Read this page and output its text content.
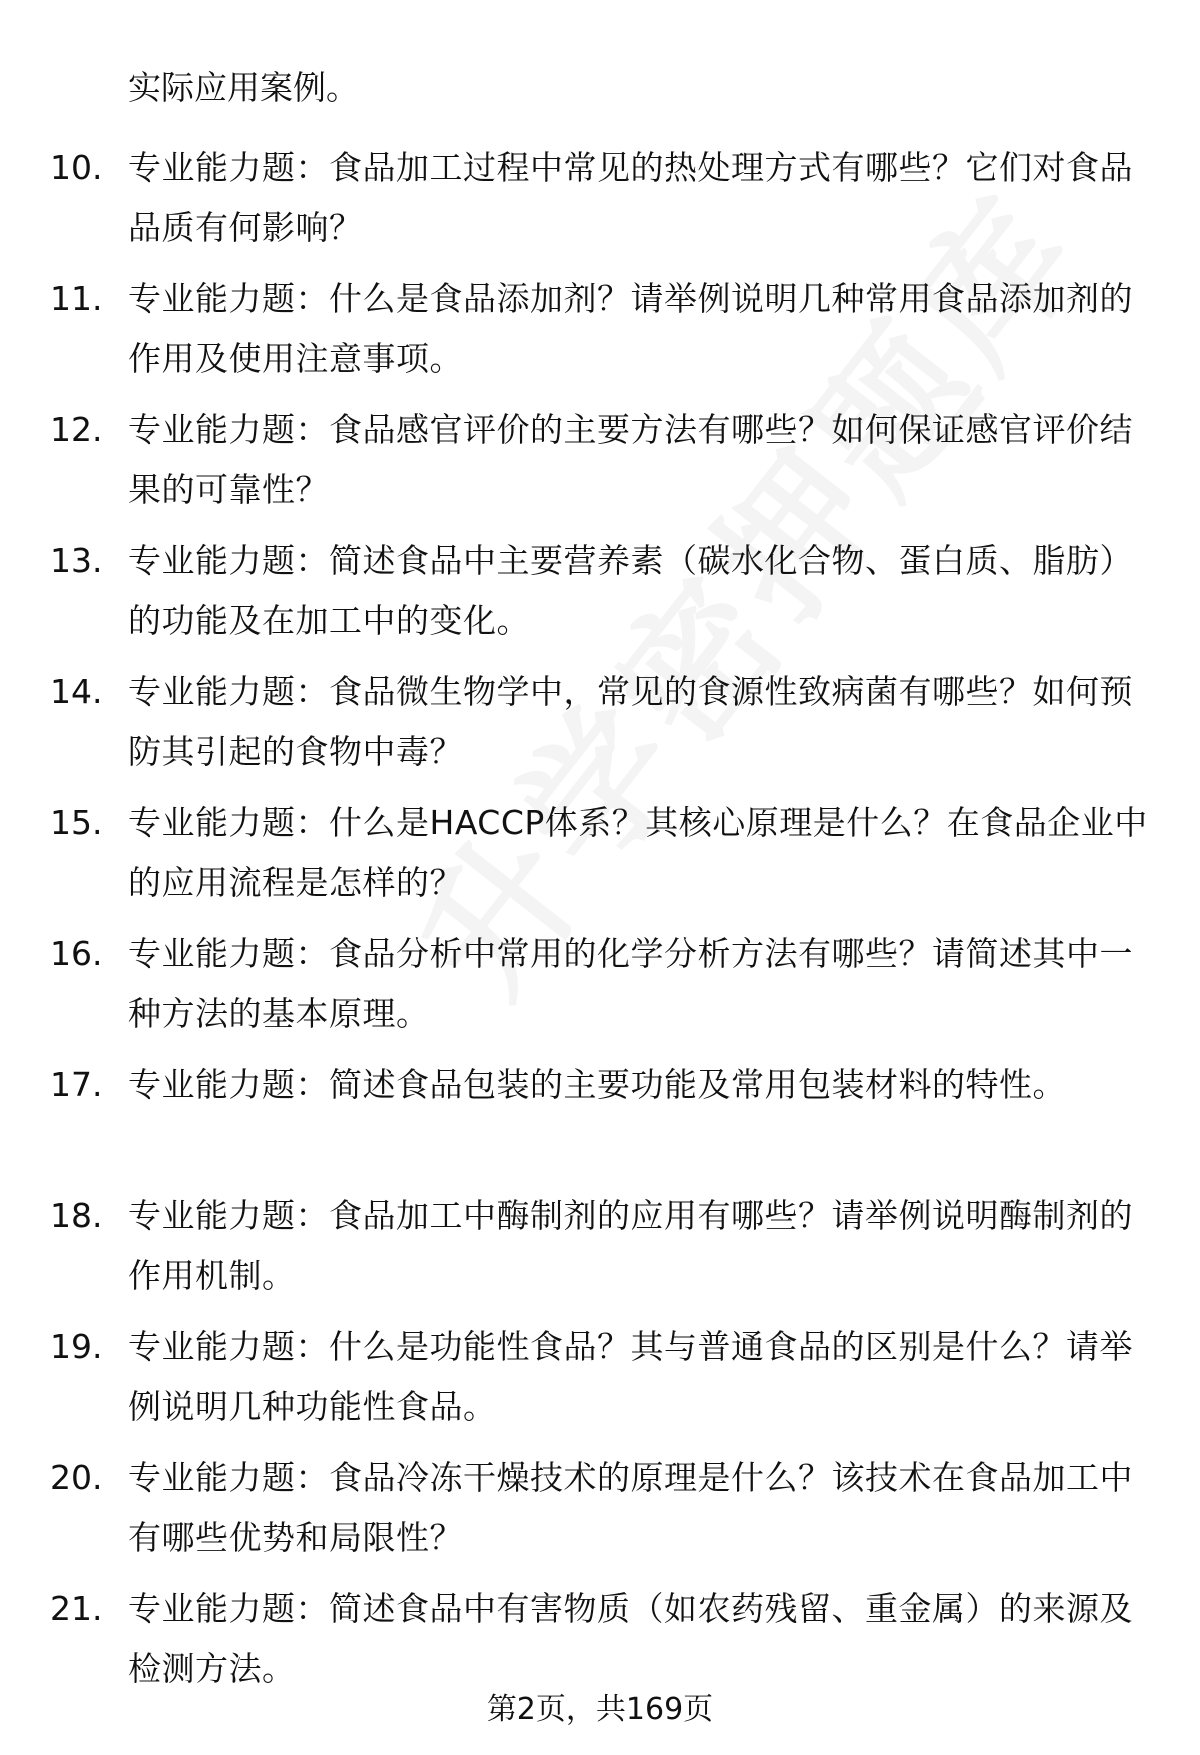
实际应用案例。
10. 专业能力题：食品加工过程中常见的热处理方式有哪些？它们对食品品质有何影响？
11. 专业能力题：什么是食品添加剂？请举例说明几种常用食品添加剂的作用及使用注意事项。
12. 专业能力题：食品感官评价的主要方法有哪些？如何保证感官评价结果的可靠性？
13. 专业能力题：简述食品中主要营养素（碳水化合物、蛋白质、脂肪）的功能及在加工中的变化。
14. 专业能力题：食品微生物学中，常见的食源性致病菌有哪些？如何预防其引起的食物中毒？
15. 专业能力题：什么是HACCP体系？其核心原理是什么？在食品企业中的应用流程是怎样的？
16. 专业能力题：食品分析中常用的化学分析方法有哪些？请简述其中一种方法的基本原理。
17. 专业能力题：简述食品包装的主要功能及常用包装材料的特性。
18. 专业能力题：食品加工中酶制剂的应用有哪些？请举例说明酶制剂的作用机制。
19. 专业能力题：什么是功能性食品？其与普通食品的区别是什么？请举例说明几种功能性食品。
20. 专业能力题：食品冷冻干燥技术的原理是什么？该技术在食品加工中有哪些优势和局限性？
21. 专业能力题：简述食品中有害物质（如农药残留、重金属）的来源及检测方法。
第2页，共169页
